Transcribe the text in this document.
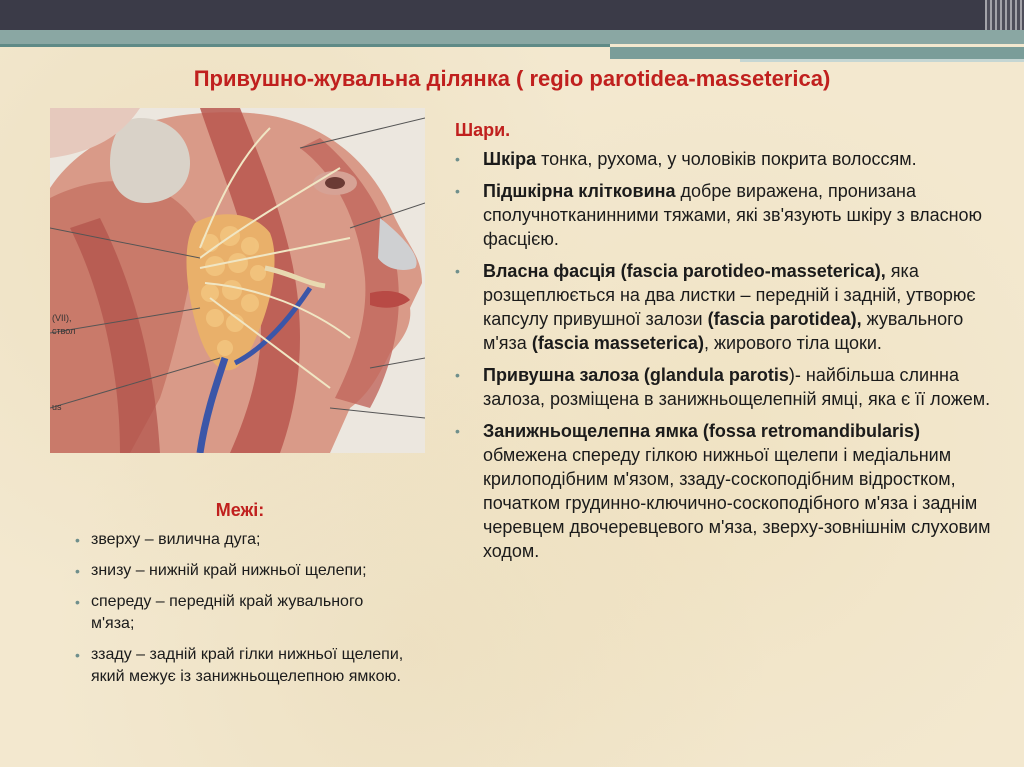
Привушно-жувальна ділянка ( regio parotidea-masseterica)
(VII),
ствол
us
Межі:
• зверху – вилична дуга;
• знизу – нижній край нижньої щелепи;
• спереду – передній край жувального м'яза;
• ззаду – задній край гілки нижньої щелепи, який межує із занижньощелепною ямкою.
Шари.
• Шкіра тонка, рухома, у чоловіків покрита волоссям.
• Підшкірна клітковина добре виражена, пронизана сполучнотканинними тяжами, які зв'язують шкіру з власною фасцією.
• Власна фасція (fascia parotideo-masseterica), яка розщеплюється на два листки – передній і задній, утворює капсулу привушної залози (fascia parotidea), жувального м'яза (fascia masseterica), жирового тіла щоки.
• Привушна залоза (glandula parotis)- найбільша слинна залоза, розміщена в занижньощелепній ямці, яка є її ложем.
• Занижньощелепна ямка (fossa retromandibularis) обмежена спереду гілкою нижньої щелепи і медіальним крилоподібним м'язом, ззаду-соскоподібним відростком, початком грудинно-ключично-соскоподібного м'яза і заднім черевцем двочеревцевого м'яза, зверху-зовнішнім слуховим ходом.
